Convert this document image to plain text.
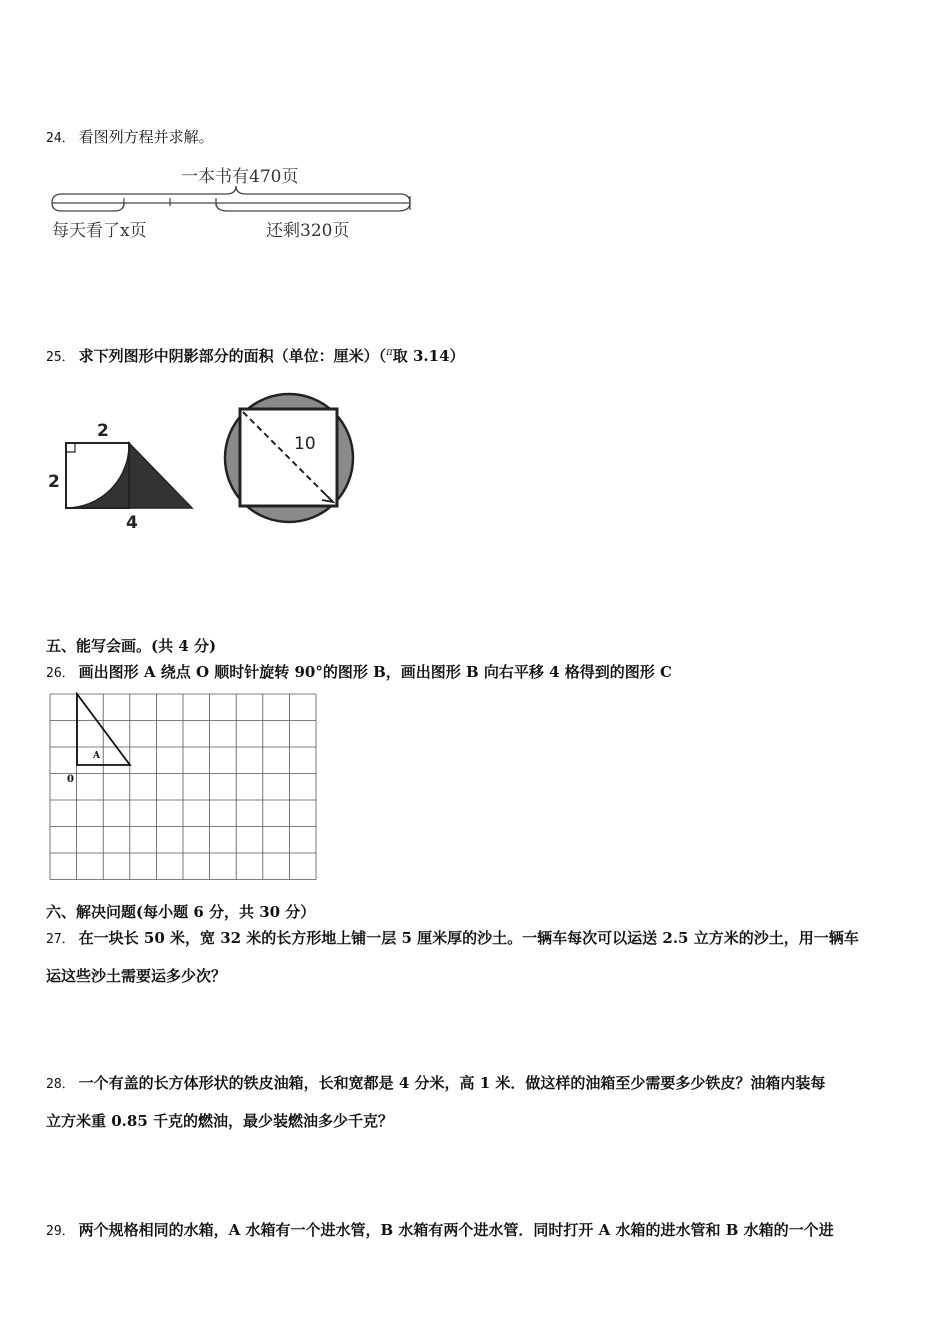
24． 看图列方程并求解。
一本书有470页
每天看了x页	还剩320页
25． 求下列图形中阴影部分的面积（单位：厘米）（$^\pi$取 3.14）
2
2
4
10
五、能写会画。(共 4 分)
26． 画出图形 A 绕点 O 顺时针旋转 90°的图形 B，画出图形 B 向右平移 4 格得到的图形 C
A
0
六、解决问题(每小题 6 分，共 30 分）
27． 在一块长 50 米，宽 32 米的长方形地上铺一层 5 厘米厚的沙土。一辆车每次可以运送 2.5 立方米的沙土，用一辆车
运这些沙土需要运多少次？
28． 一个有盖的长方体形状的铁皮油箱，长和宽都是 4 分米，高 1 米．做这样的油箱至少需要多少铁皮？油箱内装每
立方米重 0.85 千克的燃油，最少装燃油多少千克？
29． 两个规格相同的水箱，A 水箱有一个进水管，B 水箱有两个进水管．同时打开 A 水箱的进水管和 B 水箱的一个进
